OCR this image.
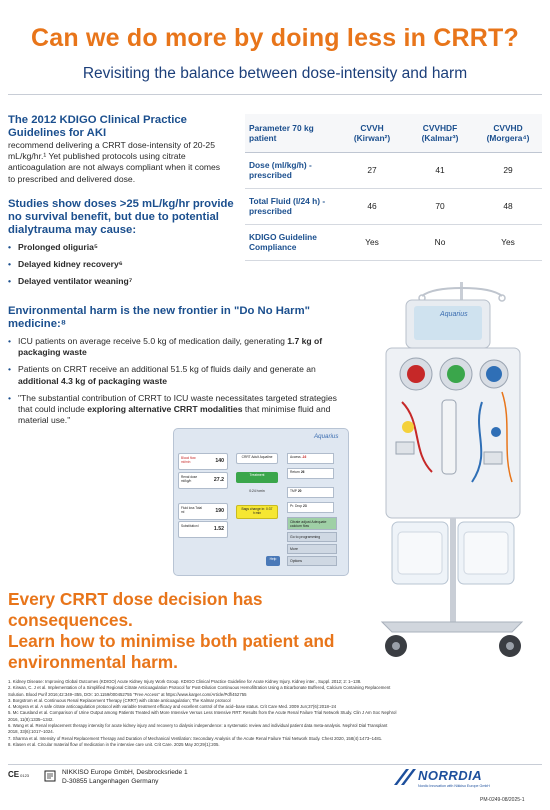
Can we do more by doing less in CRRT?
Revisiting the balance between dose-intensity and harm
The 2012 KDIGO Clinical Practice Guidelines for AKI
recommend delivering a CRRT dose-intensity of 20-25 mL/kg/hr.¹ Yet published protocols using citrate anticoagulation are not always compliant when it comes to prescribed and delivered dose.
Studies show doses >25 mL/kg/hr provide no survival benefit, but due to potential dialytrauma may cause:
• Prolonged oliguria⁵
• Delayed kidney recovery⁶
• Delayed ventilator weaning⁷
Parameter 70 kg patient	CVVH (Kirwan²)	CVVHDF (Kalmar³)	CVVHD (Morgera⁴)
Dose (ml/kg/h) - prescribed	27	41	29
Total Fluid (l/24 h) - prescribed	46	70	48
KDIGO Guideline Compliance	Yes	No	Yes
Environmental harm is the new frontier in "Do No Harm" medicine:⁸
• ICU patients on average receive 5.0 kg of medication daily, generating 1.7 kg of packaging waste
• Patients on CRRT receive an additional 51.5 kg of fluids daily and generate an additional 4.3 kg of packaging waste
• "The substantial contribution of CRRT to ICU waste necessitates targeted strategies that could include exploring alternative CRRT modalities that minimise fluid and material use."
Aquarius
Blood flow ml/min	140
Renal dose ml/kg/h	27.2
Fluid loss Total ml	190
Substitution l	1.52
CRRT Adult Aqualine
Treatment
0:24 h:min
Bags change in: 0:37 h:min
Access -16
Return 26
TMP 20
Pr. Drop 23
Citrate adjust Adequate calcium flow
Go to programming
More
Options
Help
Aquarius
Every CRRT dose decision has consequences.
Learn how to minimise both patient and environmental harm.
1. Kidney Disease: Improving Global Outcomes (KDIGO) Acute Kidney Injury Work Group. KDIGO Clinical Practice Guideline for Acute Kidney Injury. Kidney inter., Suppl. 2012; 2: 1–138.
2. Kirwan, C. J et al. Implementation of a Simplified Regional Citrate Anticoagulation Protocol for Post-Dilution Continuous Hemofiltration Using a Bicarbonate Buffered, Calcium Containing Replacement
Solution. Blood Purif 2016;42:349–355, DOI: 10.1159/000452755 "Free Access" at https://www.karger.com/Article/Pdf/452755
3. Borgstrom et al. Continuous Renal Replacement Therapy (CRRT) with citrate anticoagulation; The Kalmar protocol
4. Morgera et al. A safe citrate anticoagulation protocol with variable treatment efficacy and excellent control of the acid–base status. Crit Care Med. 2009 Jun;37(6):2018–24
5. Mc Causland et al. Comparison of Urine Output among Patients Treated with More Intensive Versus Less Intensive RRT: Results from the Acute Renal Failure Trial Network Study. Clin J Am Soc Nephrol
2016, 11(8):1335–1342.
6. Wang et al. Renal replacement therapy intensity for acute kidney injury and recovery to dialysis independence: a systematic review and individual patient data meta-analysis. Nephrol Dial Transplant
2018, 33(6):1017–1024.
7. Sharma et al. Intensity of Renal Replacement Therapy and Duration of Mechanical Ventilation: Secondary Analysis of the Acute Renal Failure Trial Network Study. Chest 2020, 158(4):1473–1481.
8. Klasen et al. Circular material flow of medication in the intensive care unit. Crit Care. 2025 May 20;29(1):205.
CE0123	NIKKISO Europe GmbH, Desbrocksriede 1
D-30855 Langenhagen Germany	NORRDIA
Nordic Innovation with Nikkiso Europe GmbH
PM-0249-08/2025-1
